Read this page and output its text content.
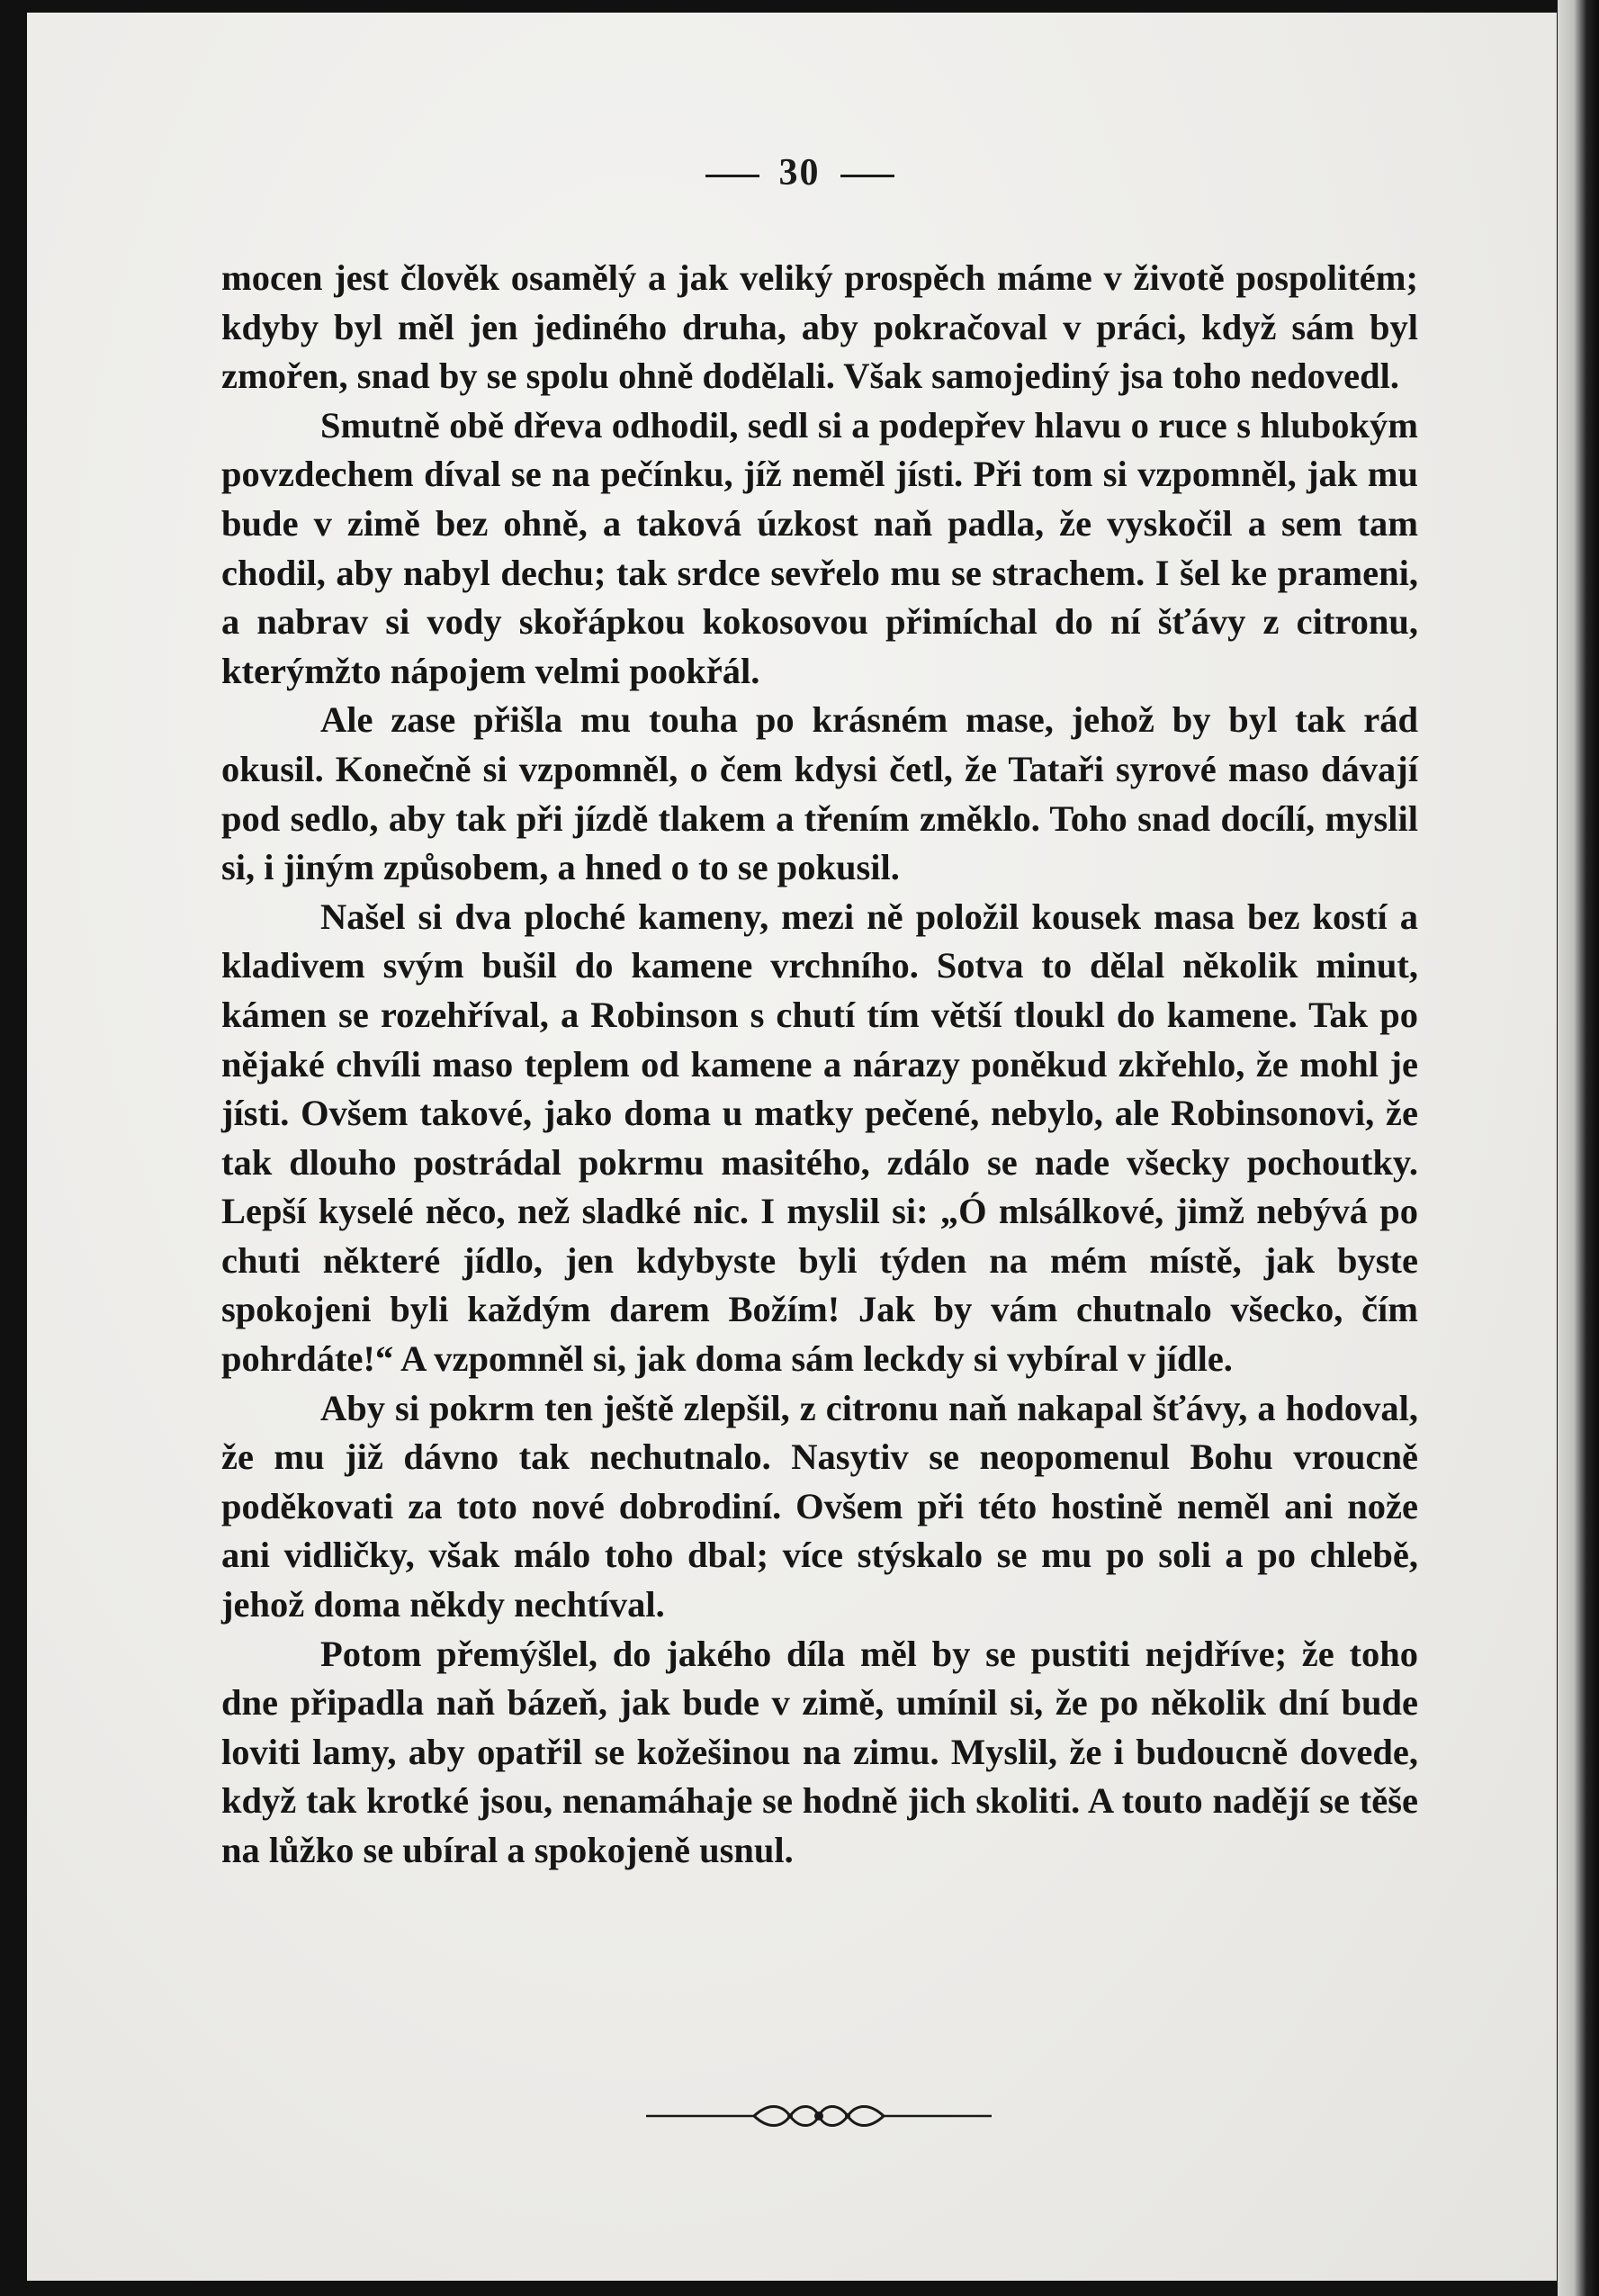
30

mocen jest člověk osamělý a jak veliký prospěch máme v životě pospolitém; kdyby byl měl jen jediného druha, aby pokračoval v práci, když sám byl zmořen, snad by se spolu ohně dodělali. Však samojediný jsa toho nedovedl.

Smutně obě dřeva odhodil, sedl si a podepřev hlavu o ruce s hlubokým povzdechem díval se na pečínku, jíž neměl jísti. Při tom si vzpomněl, jak mu bude v zimě bez ohně, a taková úzkost naň padla, že vyskočil a sem tam chodil, aby nabyl dechu; tak srdce sevřelo mu se strachem. I šel ke prameni, a nabrav si vody skořápkou kokosovou přimíchal do ní šťávy z citronu, kterýmžto nápojem velmi pookřál.

Ale zase přišla mu touha po krásném mase, jehož by byl tak rád okusil. Konečně si vzpomněl, o čem kdysi četl, že Tataři syrové maso dávají pod sedlo, aby tak při jízdě tlakem a třením změklo. Toho snad docílí, myslil si, i jiným způsobem, a hned o to se pokusil.

Našel si dva ploché kameny, mezi ně položil kousek masa bez kostí a kladivem svým bušil do kamene vrchního. Sotva to dělal několik minut, kámen se rozehříval, a Robinson s chutí tím větší tloukl do kamene. Tak po nějaké chvíli maso teplem od kamene a nárazy poněkud zkřehlo, že mohl je jísti. Ovšem takové, jako doma u matky pečené, nebylo, ale Robinsonovi, že tak dlouho postrádal pokrmu masitého, zdálo se nade všecky pochoutky. Lepší kyselé něco, než sladké nic. I myslil si: „Ó mlsálkové, jimž nebývá po chuti některé jídlo, jen kdybyste byli týden na mém místě, jak byste spokojeni byli každým darem Božím! Jak by vám chutnalo všecko, čím pohrdáte!“ A vzpomněl si, jak doma sám leckdy si vybíral v jídle.

Aby si pokrm ten ještě zlepšil, z citronu naň nakapal šťávy, a hodoval, že mu již dávno tak nechutnalo. Nasytiv se neopomenul Bohu vroucně poděkovati za toto nové dobrodiní. Ovšem při této hostině neměl ani nože ani vidličky, však málo toho dbal; více stýskalo se mu po soli a po chlebě, jehož doma někdy nechtíval.

Potom přemýšlel, do jakého díla měl by se pustiti nejdříve; že toho dne připadla naň bázeň, jak bude v zimě, umínil si, že po několik dní bude loviti lamy, aby opatřil se kožešinou na zimu. Myslil, že i budoucně dovede, když tak krotké jsou, nenamáhaje se hodně jich skoliti. A touto nadějí se těše na lůžko se ubíral a spokojeně usnul.
